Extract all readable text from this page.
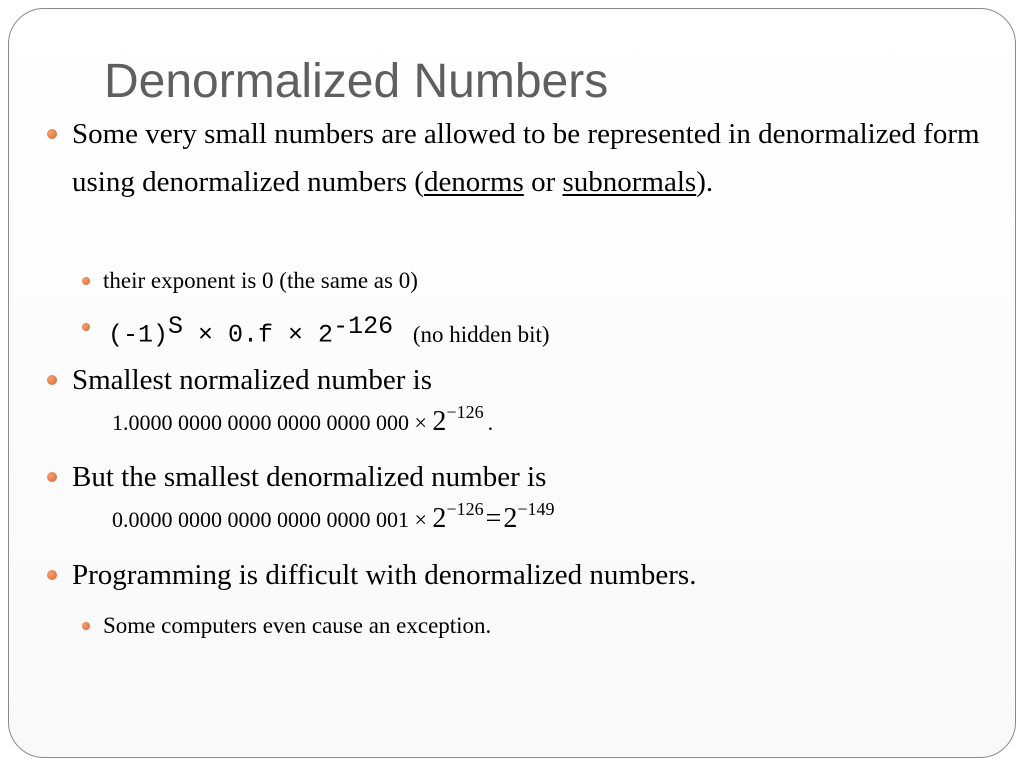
Denormalized Numbers
Some very small numbers are allowed to be represented in denormalized form using denormalized numbers (denorms or subnormals).
their exponent is 0 (the same as 0)
$(-1)^S \times 0.f \times 2^{-126}$ (no hidden bit)
Smallest normalized number is
1.0000 0000 0000 0000 0000 $000 \times 2^{-126}$ .
But the smallest denormalized number is
0.0000 0000 0000 0000 0000 $001 \times 2^{-126}=2^{-149}$
Programming is difficult with denormalized numbers.
Some computers even cause an exception.
